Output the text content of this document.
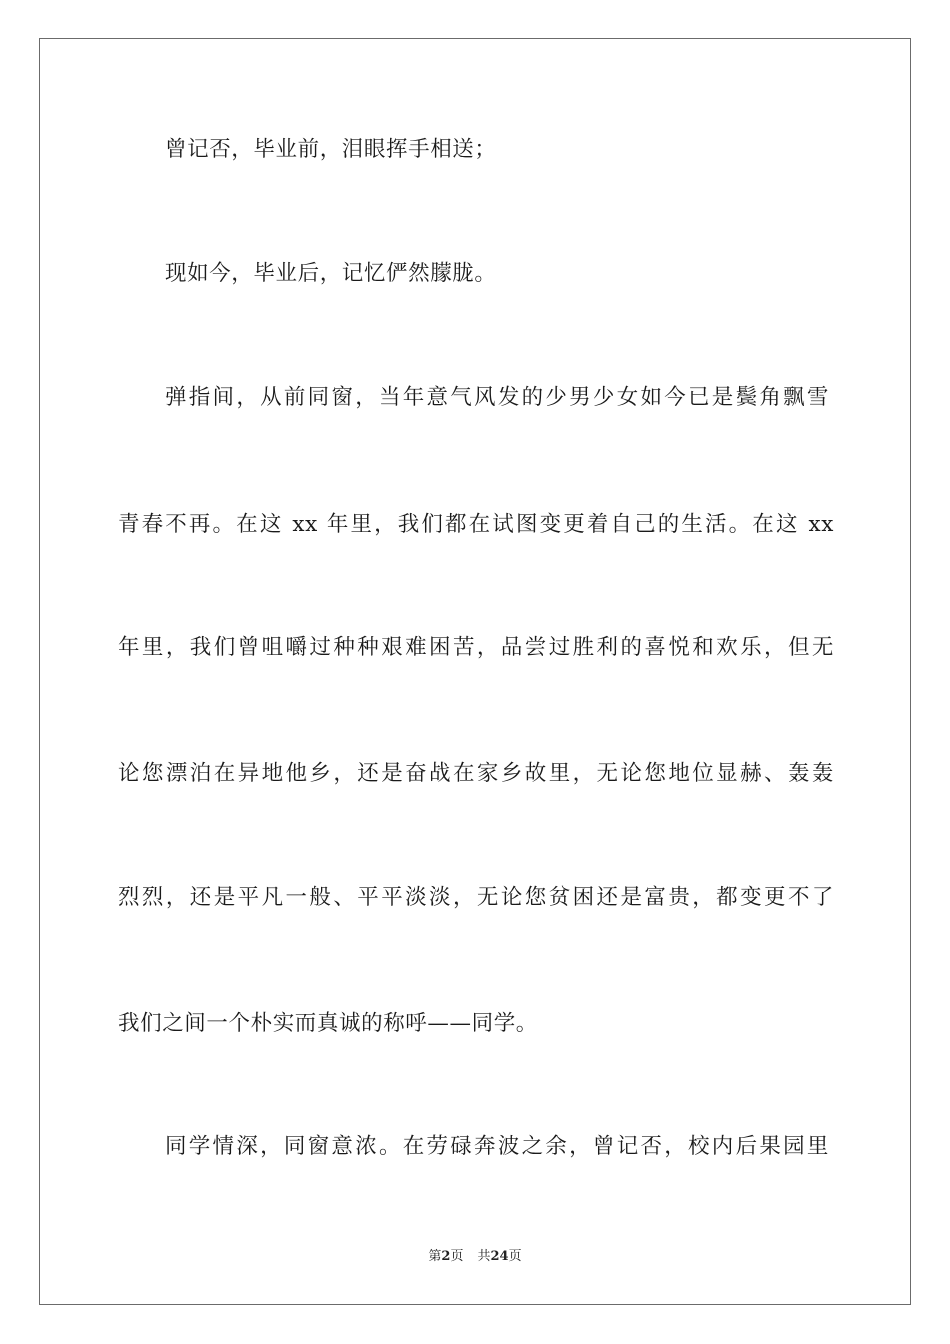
曾记否，毕业前，泪眼挥手相送；
现如今，毕业后，记忆俨然朦胧。
弹指间，从前同窗，当年意气风发的少男少女如今已是鬓角飘雪
青春不再。在这 xx 年里，我们都在试图变更着自己的生活。在这 xx
年里，我们曾咀嚼过种种艰难困苦，品尝过胜利的喜悦和欢乐，但无
论您漂泊在异地他乡，还是奋战在家乡故里，无论您地位显赫、轰轰
烈烈，还是平凡一般、平平淡淡，无论您贫困还是富贵，都变更不了
我们之间一个朴实而真诚的称呼——同学。
同学情深，同窗意浓。在劳碌奔波之余，曾记否，校内后果园里
第2页 共24页
